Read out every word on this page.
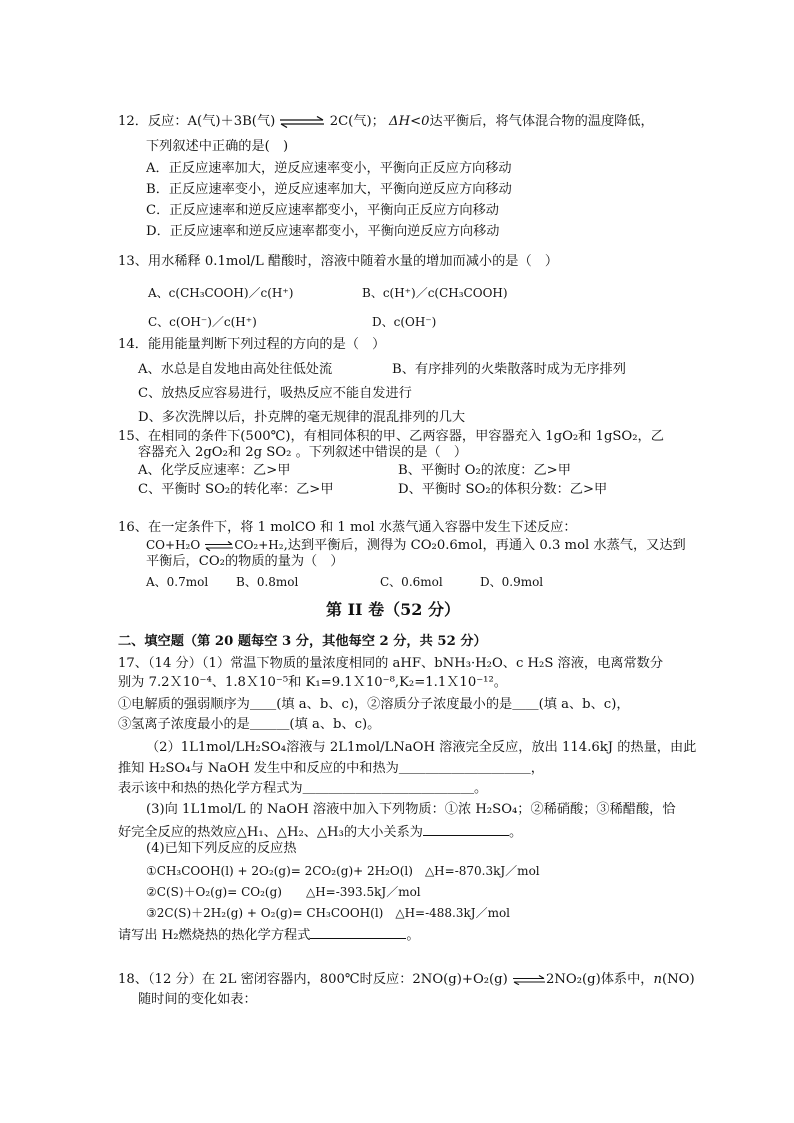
12．反应：A(气)＋3B(气) ⇌ 2C(气)； ΔH<0达平衡后，将气体混合物的温度降低，
下列叙述中正确的是(　)
A．正反应速率加大，逆反应速率变小，平衡向正反应方向移动
B．正反应速率变小，逆反应速率加大，平衡向逆反应方向移动
C．正反应速率和逆反应速率都变小，平衡向正反应方向移动
D．正反应速率和逆反应速率都变小，平衡向逆反应方向移动
13、用水稀释 0.1mol/L 醋酸时，溶液中随着水量的增加而减小的是（　）
A、c(CH₃COOH)／c(H⁺)	B、c(H⁺)／c(CH₃COOH)
C、c(OH⁻)／c(H⁺)	D、c(OH⁻)
14．能用能量判断下列过程的方向的是（　）
A、水总是自发地由高处往低处流	B、有序排列的火柴散落时成为无序排列
C、放热反应容易进行，吸热反应不能自发进行
D、多次洗牌以后，扑克牌的毫无规律的混乱排列的几大
15、在相同的条件下(500℃)，有相同体积的甲、乙两容器，甲容器充入 1gO₂和 1gSO₂，乙
容器充入 2gO₂和 2g SO₂ 。下列叙述中错误的是（　）
A、化学反应速率：乙>甲	B、平衡时 O₂的浓度：乙>甲
C、平衡时 SO₂的转化率：乙>甲	D、平衡时 SO₂的体积分数：乙>甲
16、在一定条件下，将 1 molCO 和 1 mol 水蒸气通入容器中发生下述反应：
CO+H₂O ⇌CO₂+H₂,达到平衡后，测得为 CO₂0.6mol，再通入 0.3 mol 水蒸气，又达到
平衡后，CO₂的物质的量为（　）
A、0.7mol B、0.8mol	C、0.6mol	D、0.9mol
第 II 卷（52 分）
二、填空题（第 20 题每空 3 分，其他每空 2 分，共 52 分）
17、（14 分）（1）常温下物质的量浓度相同的 aHF、bNH₃·H₂O、c H₂S 溶液，电离常数分
别为 7.2Ｘ10⁻⁴、1.8Ｘ10⁻⁵和 K₁=9.1Ｘ10⁻⁸,K₂=1.1Ｘ10⁻¹²。
①电解质的强弱顺序为＿＿(填 a、b、c)，②溶质分子浓度最小的是＿＿(填 a、b、c)，
③氢离子浓度最小的是＿＿＿(填 a、b、c)。
（2）1L1mol/LH₂SO₄溶液与 2L1mol/LNaOH 溶液完全反应，放出 114.6kJ 的热量，由此
推知 H₂SO₄与 NaOH 发生中和反应的中和热为＿＿＿＿＿＿＿＿＿＿，
表示该中和热的热化学方程式为＿＿＿＿＿＿＿＿＿＿＿＿＿。
(3)向 1L1mol/L 的 NaOH 溶液中加入下列物质：①浓 H₂SO₄；②稀硝酸；③稀醋酸，恰
好完全反应的热效应△H₁、△H₂、△H₃的大小关系为	。
(4)已知下列反应的反应热
①CH₃COOH(l) + 2O₂(g)= 2CO₂(g)+ 2H₂O(l)　△H=-870.3kJ／mol
②C(S)＋O₂(g)= CO₂(g)　　△H=-393.5kJ／mol
③2C(S)＋2H₂(g) + O₂(g)= CH₃COOH(l)　△H=-488.3kJ／mol
请写出 H₂燃烧热的热化学方程式	。
18、（12 分）在 2L 密闭容器内，800℃时反应：2NO(g)+O₂(g) ⇌2NO₂(g)体系中，n(NO)
随时间的变化如表：
